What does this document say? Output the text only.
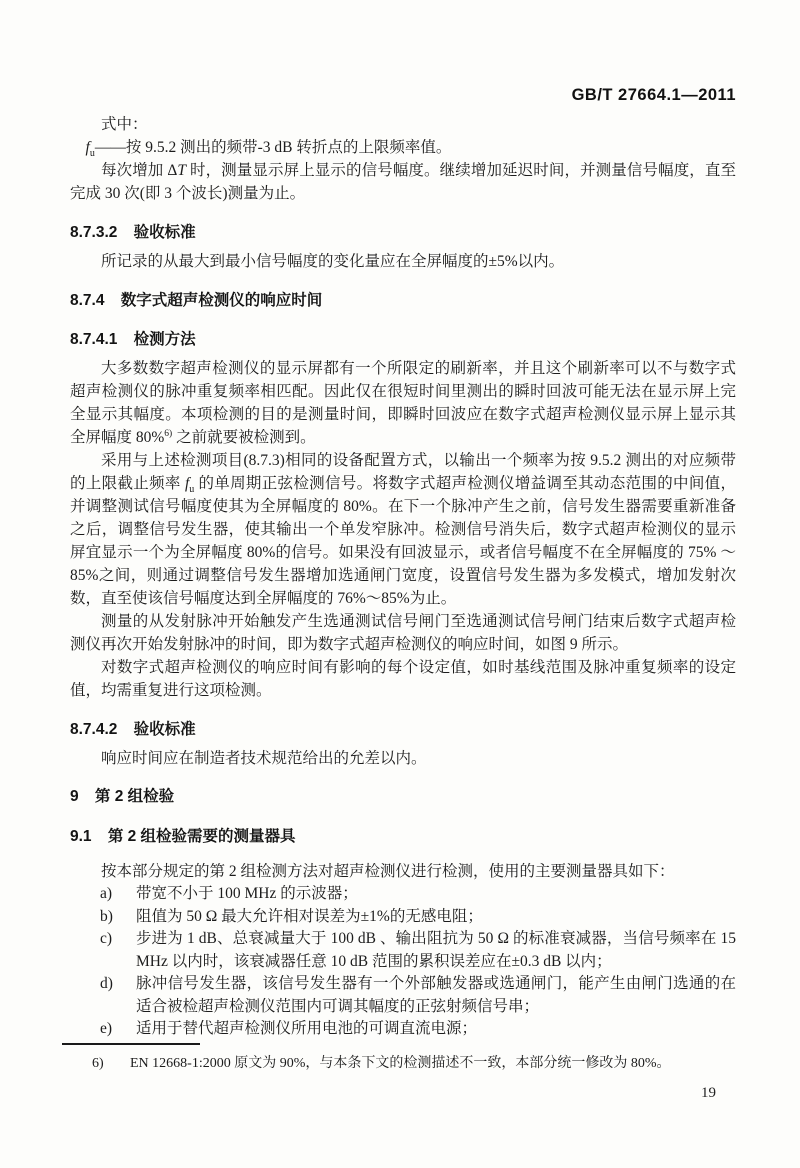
GB/T 27664.1—2011

式中：

$f_u——$按 9.5.2 测出的频带-3 dB 转折点的上限频率值。

每次增加 ΔT 时，测量显示屏上显示的信号幅度。继续增加延迟时间，并测量信号幅度，直至完成 30 次(即 3 个波长)测量为止。

8.7.3.2 验收标准

所记录的从最大到最小信号幅度的变化量应在全屏幅度的±5%以内。

8.7.4 数字式超声检测仪的响应时间
8.7.4.1 检测方法

大多数数字超声检测仪的显示屏都有一个所限定的刷新率，并且这个刷新率可以不与数字式超声检测仪的脉冲重复频率相匹配。因此仅在很短时间里测出的瞬时回波可能无法在显示屏上完全显示其幅度。本项检测的目的是测量时间，即瞬时回波应在数字式超声检测仪显示屏上显示其全屏幅度 80%$^{6)}$ 之前就要被检测到。

采用与上述检测项目(8.7.3)相同的设备配置方式，以输出一个频率为按 9.5.2 测出的对应频带的上限截止频率 $f_u$ 的单周期正弦检测信号。将数字式超声检测仪增益调至其动态范围的中间值，并调整测试信号幅度使其为全屏幅度的 80%。在下一个脉冲产生之前，信号发生器需要重新准备之后，调整信号发生器，使其输出一个单发窄脉冲。检测信号消失后，数字式超声检测仪的显示屏宜显示一个为全屏幅度 80%的信号。如果没有回波显示，或者信号幅度不在全屏幅度的 75% ～85%之间，则通过调整信号发生器增加选通闸门宽度，设置信号发生器为多发模式，增加发射次数，直至使该信号幅度达到全屏幅度的 76%～85%为止。

测量的从发射脉冲开始触发产生选通测试信号闸门至选通测试信号闸门结束后数字式超声检测仪再次开始发射脉冲的时间，即为数字式超声检测仪的响应时间，如图 9 所示。

对数字式超声检测仪的响应时间有影响的每个设定值，如时基线范围及脉冲重复频率的设定值，均需重复进行这项检测。

8.7.4.2 验收标准

响应时间应在制造者技术规范给出的允差以内。

9 第 2 组检验
9.1 第 2 组检验需要的测量器具

按本部分规定的第 2 组检测方法对超声检测仪进行检测，使用的主要测量器具如下：

a)	带宽不小于 100 MHz 的示波器；
b)	阻值为 50 Ω 最大允许相对误差为±1%的无感电阻；
c)	步进为 1 dB、总衰减量大于 100 dB 、输出阻抗为 50 Ω 的标准衰减器，当信号频率在 15 MHz 以内时，该衰减器任意 10 dB 范围的累积误差应在±0.3 dB 以内；
d)	脉冲信号发生器，该信号发生器有一个外部触发器或选通闸门，能产生由闸门选通的在适合被检超声检测仪范围内可调其幅度的正弦射频信号串；
e)	适用于替代超声检测仪所用电池的可调直流电源；
6)	EN 12668-1:2000 原文为 90%，与本条下文的检测描述不一致，本部分统一修改为 80%。
19
